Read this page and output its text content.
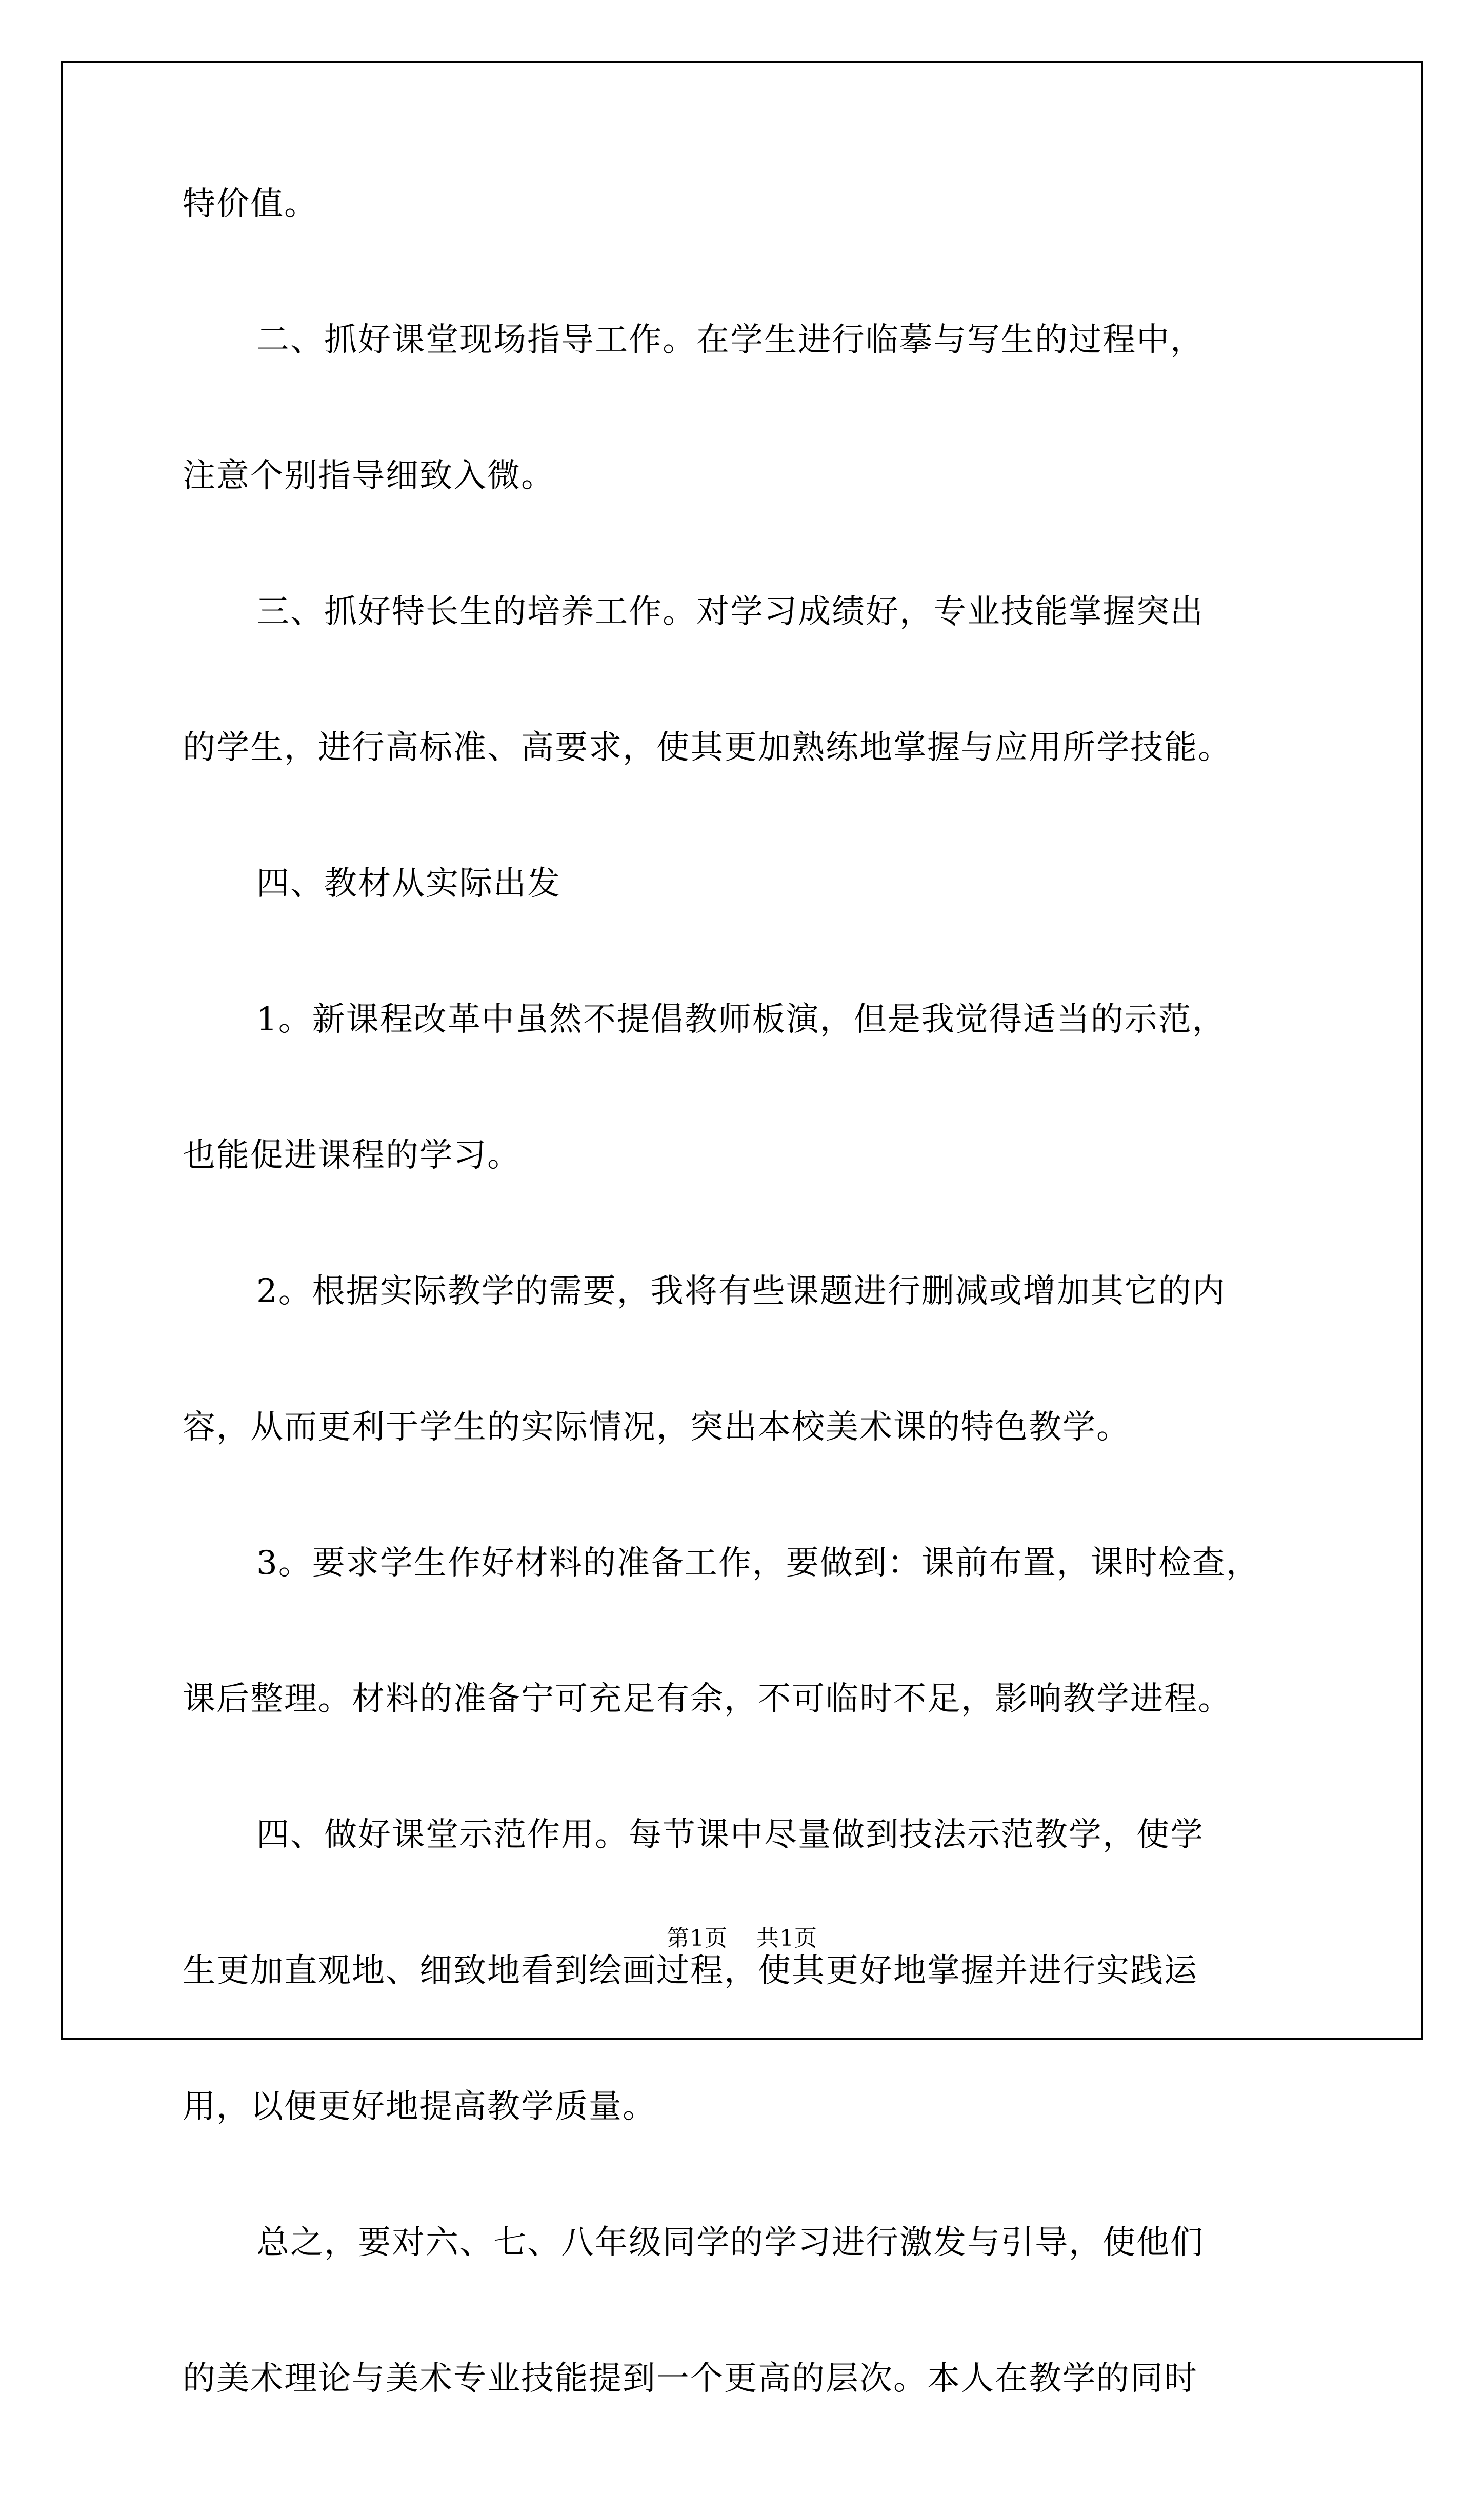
特价值。
二、抓好课堂现场指导工作。在学生进行临摹与写生的过程中，
注意个别指导细致入微。
三、抓好特长生的培养工作。对学习成绩好，专业技能掌握突出
的学生，进行高标准、高要求，使其更加熟练地掌握与应用所学技能。
四、教材从实际出发
1。新课程改革中虽然不提倡教师板演，但是我觉得适当的示范，
也能促进课程的学习。
2。根据实际教学的需要，我将有些课题进行删减或增加其它的内
容，从而更利于学生的实际情况，突出本校美术课的特色教学。
3。要求学生作好材料的准备工作，要做到：课前布置，课时检查，
课后整理。材料的准备宁可充足有余，不可临时不足，影响教学进程。
四、做好课堂示范作用。每节课中尽量做到技法示范教学，使学
生更加直观地、细致地看到绘画过程，使其更好地掌握并进行实践运
用，以便更好地提高教学质量。
总之，要对六、七、八年级同学的学习进行激发与引导，使他们
的美术理论与美术专业技能提到一个更高的层次。本人在教学的同时
第1页 共1页
